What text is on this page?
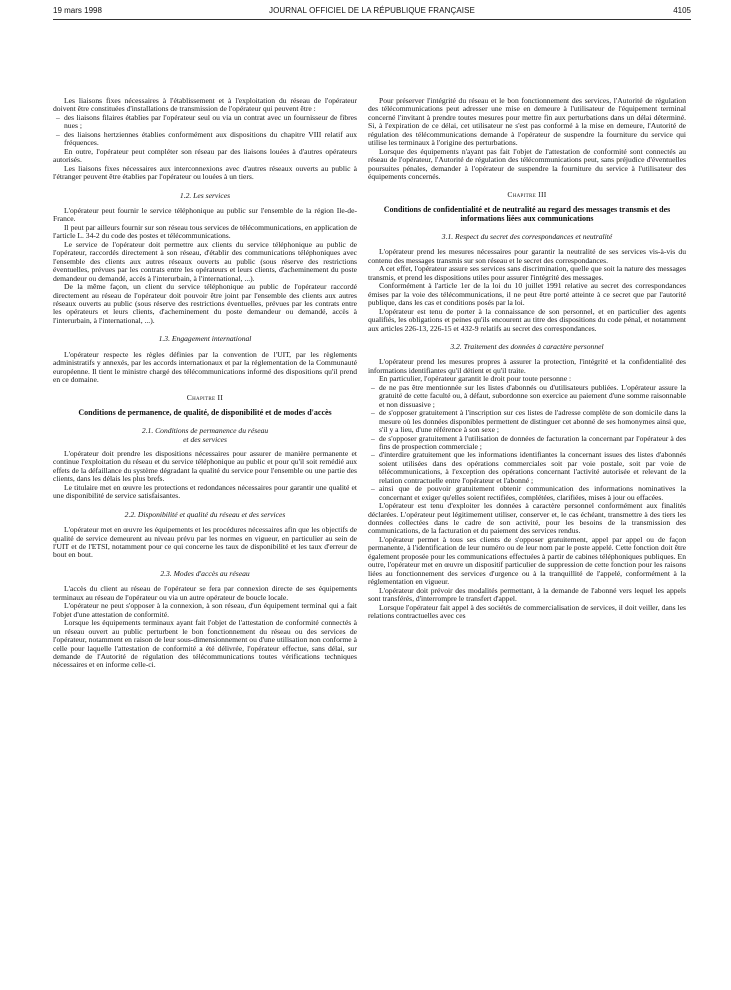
19 mars 1998	JOURNAL OFFICIEL DE LA RÉPUBLIQUE FRANÇAISE	4105

Les liaisons fixes nécessaires à l'établissement et à l'exploitation du réseau de l'opérateur doivent être constituées d'installations de transmission de l'opérateur qui peuvent être :

– des liaisons filaires établies par l'opérateur seul ou via un contrat avec un fournisseur de fibres nues ;

– des liaisons hertziennes établies conformément aux dispositions du chapitre VIII relatif aux fréquences.

En outre, l'opérateur peut compléter son réseau par des liaisons louées à d'autres opérateurs autorisés.

Les liaisons fixes nécessaires aux interconnexions avec d'autres réseaux ouverts au public à l'étranger peuvent être établies par l'opérateur ou louées à un tiers.

1.2. Les services

L'opérateur peut fournir le service téléphonique au public sur l'ensemble de la région Ile-de-France.

Il peut par ailleurs fournir sur son réseau tous services de télécommunications, en application de l'article L. 34-2 du code des postes et télécommunications.

Le service de l'opérateur doit permettre aux clients du service téléphonique au public de l'opérateur, raccordés directement à son réseau, d'établir des communications téléphoniques avec l'ensemble des clients aux autres réseaux ouverts au public (sous réserve des restrictions éventuelles, prévues par les contrats entre les opérateurs et leurs clients, d'acheminement du poste demandeur ou demandé, accès à l'interurbain, à l'international, ...).

De la même façon, un client du service téléphonique au public de l'opérateur raccordé directement au réseau de l'opérateur doit pouvoir être joint par l'ensemble des clients aux autres réseaux ouverts au public (sous réserve des restrictions éventuelles, prévues par les contrats entre les opérateurs et leurs clients, d'acheminement du poste demandeur ou demandé, accès à l'interurbain, à l'international, ...).

1.3. Engagement international

L'opérateur respecte les règles définies par la convention de l'UIT, par les règlements administratifs y annexés, par les accords internationaux et par la réglementation de la Communauté européenne. Il tient le ministre chargé des télécommunications informé des dispositions qu'il prend en ce domaine.

Chapitre II
Conditions de permanence, de qualité, de disponibilité et de modes d'accès
2.1. Conditions de permanence du réseau
et des services

L'opérateur doit prendre les dispositions nécessaires pour assurer de manière permanente et continue l'exploitation du réseau et du service téléphonique au public et pour qu'il soit remédié aux effets de la défaillance du système dégradant la qualité du service pour l'ensemble ou une partie des clients, dans les délais les plus brefs.

Le titulaire met en œuvre les protections et redondances nécessaires pour garantir une qualité et une disponibilité de service satisfaisantes.

2.2. Disponibilité et qualité du réseau et des services

L'opérateur met en œuvre les équipements et les procédures nécessaires afin que les objectifs de qualité de service demeurent au niveau prévu par les normes en vigueur, en particulier au sein de l'UIT et de l'ETSI, notamment pour ce qui concerne les taux de disponibilité et les taux d'erreur de bout en bout.

2.3. Modes d'accès au réseau

L'accès du client au réseau de l'opérateur se fera par connexion directe de ses équipements terminaux au réseau de l'opérateur ou via un autre opérateur de boucle locale.

L'opérateur ne peut s'opposer à la connexion, à son réseau, d'un équipement terminal qui a fait l'objet d'une attestation de conformité.

Lorsque les équipements terminaux ayant fait l'objet de l'attestation de conformité connectés à un réseau ouvert au public perturbent le bon fonctionnement du réseau ou des services de l'opérateur, notamment en raison de leur sous-dimensionnement ou d'une utilisation non conforme à celle pour laquelle l'attestation de conformité a été délivrée, l'opérateur effectue, sans délai, sur demande de l'Autorité de régulation des télécommunications toutes vérifications techniques nécessaires et en informe celle-ci.

Pour préserver l'intégrité du réseau et le bon fonctionnement des services, l'Autorité de régulation des télécommunications peut adresser une mise en demeure à l'utilisateur de l'équipement terminal concerné l'invitant à prendre toutes mesures pour mettre fin aux perturbations dans un délai déterminé. Si, à l'expiration de ce délai, cet utilisateur ne s'est pas conformé à la mise en demeure, l'Autorité de régulation des télécommunications demande à l'opérateur de suspendre la fourniture du service qui utilise les terminaux à l'origine des perturbations.

Lorsque des équipements n'ayant pas fait l'objet de l'attestation de conformité sont connectés au réseau de l'opérateur, l'Autorité de régulation des télécommunications peut, sans préjudice d'éventuelles poursuites pénales, demander à l'opérateur de suspendre la fourniture du service à l'utilisateur des équipements concernés.

Chapitre III
Conditions de confidentialité et de neutralité au regard des messages transmis et des informations liées aux communications
3.1. Respect du secret des correspondances et neutralité

L'opérateur prend les mesures nécessaires pour garantir la neutralité de ses services vis-à-vis du contenu des messages transmis sur son réseau et le secret des correspondances.

A cet effet, l'opérateur assure ses services sans discrimination, quelle que soit la nature des messages transmis, et prend les dispositions utiles pour assurer l'intégrité des messages.

Conformément à l'article 1er de la loi du 10 juillet 1991 relative au secret des correspondances émises par la voie des télécommunications, il ne peut être porté atteinte à ce secret que par l'autorité publique, dans les cas et conditions posés par la loi.

L'opérateur est tenu de porter à la connaissance de son personnel, et en particulier des agents qualifiés, les obligations et peines qu'ils encourent au titre des dispositions du code pénal, et notamment aux articles 226-13, 226-15 et 432-9 relatifs au secret des correspondances.

3.2. Traitement des données à caractère personnel

L'opérateur prend les mesures propres à assurer la protection, l'intégrité et la confidentialité des informations identifiantes qu'il détient et qu'il traite.

En particulier, l'opérateur garantit le droit pour toute personne :

– de ne pas être mentionnée sur les listes d'abonnés ou d'utilisateurs publiées. L'opérateur assure la gratuité de cette faculté ou, à défaut, subordonne son exercice au paiement d'une somme raisonnable et non dissuasive ;

– de s'opposer gratuitement à l'inscription sur ces listes de l'adresse complète de son domicile dans la mesure où les données disponibles permettent de distinguer cet abonné de ses homonymes ainsi que, s'il y a lieu, d'une référence à son sexe ;

– de s'opposer gratuitement à l'utilisation de données de facturation la concernant par l'opérateur à des fins de prospection commerciale ;

– d'interdire gratuitement que les informations identifiantes la concernant issues des listes d'abonnés soient utilisées dans des opérations commerciales soit par voie postale, soit par voie de télécommunications, à l'exception des opérations concernant l'activité autorisée et relevant de la relation contractuelle entre l'opérateur et l'abonné ;

– ainsi que de pouvoir gratuitement obtenir communication des informations nominatives la concernant et exiger qu'elles soient rectifiées, complétées, clarifiées, mises à jour ou effacées.

L'opérateur est tenu d'exploiter les données à caractère personnel conformément aux finalités déclarées. L'opérateur peut légitimement utiliser, conserver et, le cas échéant, transmettre à des tiers les données collectées dans le cadre de son activité, pour les besoins de la transmission des communications, de la facturation et du paiement des services rendus.

L'opérateur permet à tous ses clients de s'opposer gratuitement, appel par appel ou de façon permanente, à l'identification de leur numéro ou de leur nom par le poste appelé. Cette fonction doit être également proposée pour les communications effectuées à partir de cabines téléphoniques publiques. En outre, l'opérateur met en œuvre un dispositif particulier de suppression de cette fonction pour les raisons liées au fonctionnement des services d'urgence ou à la tranquillité de l'appelé, conformément à la réglementation en vigueur.

L'opérateur doit prévoir des modalités permettant, à la demande de l'abonné vers lequel les appels sont transférés, d'interrompre le transfert d'appel.

Lorsque l'opérateur fait appel à des sociétés de commercialisation de services, il doit veiller, dans les relations contractuelles avec ces
